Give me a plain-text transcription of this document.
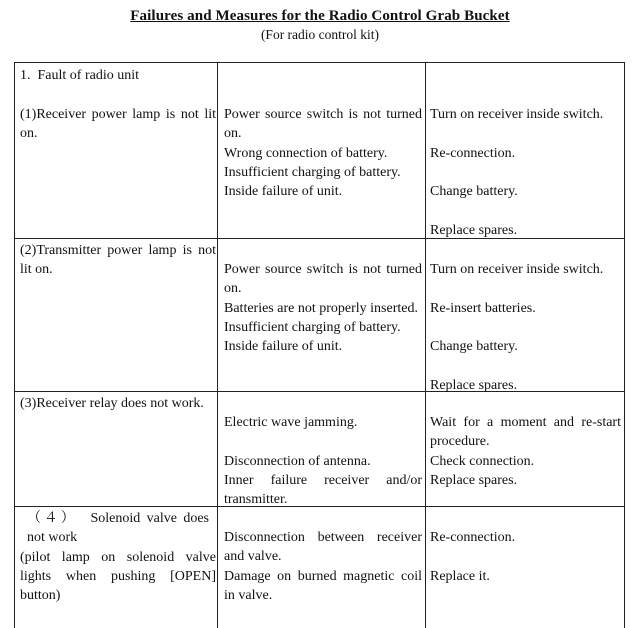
Failures and Measures for the Radio Control Grab Bucket
(For radio control kit)
1.  Fault of radio unit
(1)Receiver power lamp is not lit on.

Power source switch is not turned on.

Wrong connection of battery.

Insufficient charging of battery.

Inside failure of unit.

Turn on receiver inside switch.

Re-connection.

Change battery.

Replace spares.

(2)Transmitter power lamp is not lit on.	Power source switch is not turned on.

Batteries are not properly inserted.

Insufficient charging of battery.

Inside failure of unit.

Turn on receiver inside switch.

Re-insert batteries.

Change battery.

Replace spares.

(3)Receiver relay does not work.

Electric wave jamming.

Disconnection of antenna.

Inner failure receiver and/or transmitter.

Wait for a moment and re-start procedure.

Check connection.

Replace spares.

（４）  Solenoid valve does not work

(pilot lamp on solenoid valve lights when pushing [OPEN] button)

Disconnection between receiver and valve.

Damage on burned magnetic coil in valve.

Re-connection.

Replace it.
